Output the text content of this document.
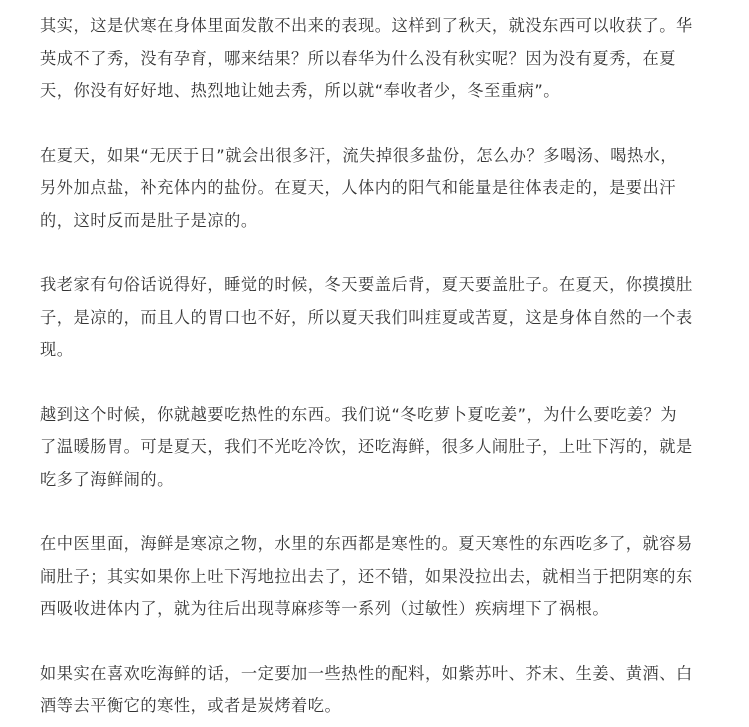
其实，这是伏寒在身体里面发散不出来的表现。这样到了秋天，就没东西可以收获了。华
英成不了秀，没有孕育，哪来结果？所以春华为什么没有秋实呢？因为没有夏秀，在夏
天，你没有好好地、热烈地让她去秀，所以就“奉收者少，冬至重病”。

在夏天，如果“无厌于日”就会出很多汗，流失掉很多盐份，怎么办？多喝汤、喝热水，
另外加点盐，补充体内的盐份。在夏天，人体内的阳气和能量是往体表走的，是要出汗
的，这时反而是肚子是凉的。

我老家有句俗话说得好，睡觉的时候，冬天要盖后背，夏天要盖肚子。在夏天，你摸摸肚
子，是凉的，而且人的胃口也不好，所以夏天我们叫疰夏或苦夏，这是身体自然的一个表
现。

越到这个时候，你就越要吃热性的东西。我们说“冬吃萝卜夏吃姜”，为什么要吃姜？为
了温暖肠胃。可是夏天，我们不光吃冷饮，还吃海鲜，很多人闹肚子，上吐下泻的，就是
吃多了海鲜闹的。

在中医里面，海鲜是寒凉之物，水里的东西都是寒性的。夏天寒性的东西吃多了，就容易
闹肚子；其实如果你上吐下泻地拉出去了，还不错，如果没拉出去，就相当于把阴寒的东
西吸收进体内了，就为往后出现荨麻疹等一系列（过敏性）疾病埋下了祸根。

如果实在喜欢吃海鲜的话，一定要加一些热性的配料，如紫苏叶、芥末、生姜、黄酒、白
酒等去平衡它的寒性，或者是炭烤着吃。
